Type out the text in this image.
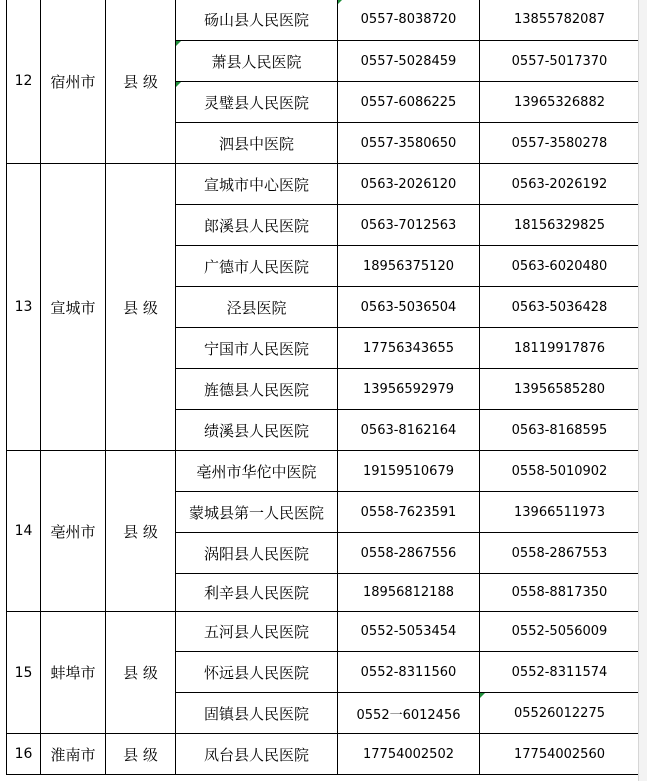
12	宿州市	县 级	砀山县人民医院	0557-8038720	13855782087

萧县人民医院	0557-5028459	0557-5017370

灵璧县人民医院	0557-6086225	13965326882
			泗县中医院	0557-3580650	0557-3580278
13	宣城市	县 级	宣城市中心医院	0563-2026120	0563-2026192
			郎溪县人民医院	0563-7012563	18156329825
			广德市人民医院	18956375120	0563-6020480
			泾县医院	0563-5036504	0563-5036428
			宁国市人民医院	17756343655	18119917876
			旌德县人民医院	13956592979	13956585280
			绩溪县人民医院	0563-8162164	0563-8168595
14	亳州市	县 级	亳州市华佗中医院	19159510679	0558-5010902
			蒙城县第一人民医院	0558-7623591	13966511973
			涡阳县人民医院	0558-2867556	0558-2867553
			利辛县人民医院	18956812188	0558-8817350
15	蚌埠市	县 级	五河县人民医院	0552-5053454	0552-5056009
			怀远县人民医院	0552-8311560	0552-8311574
			固镇县人民医院	0552一6012456	05526012275
16	淮南市	县 级	凤台县人民医院	17754002502	17754002560
